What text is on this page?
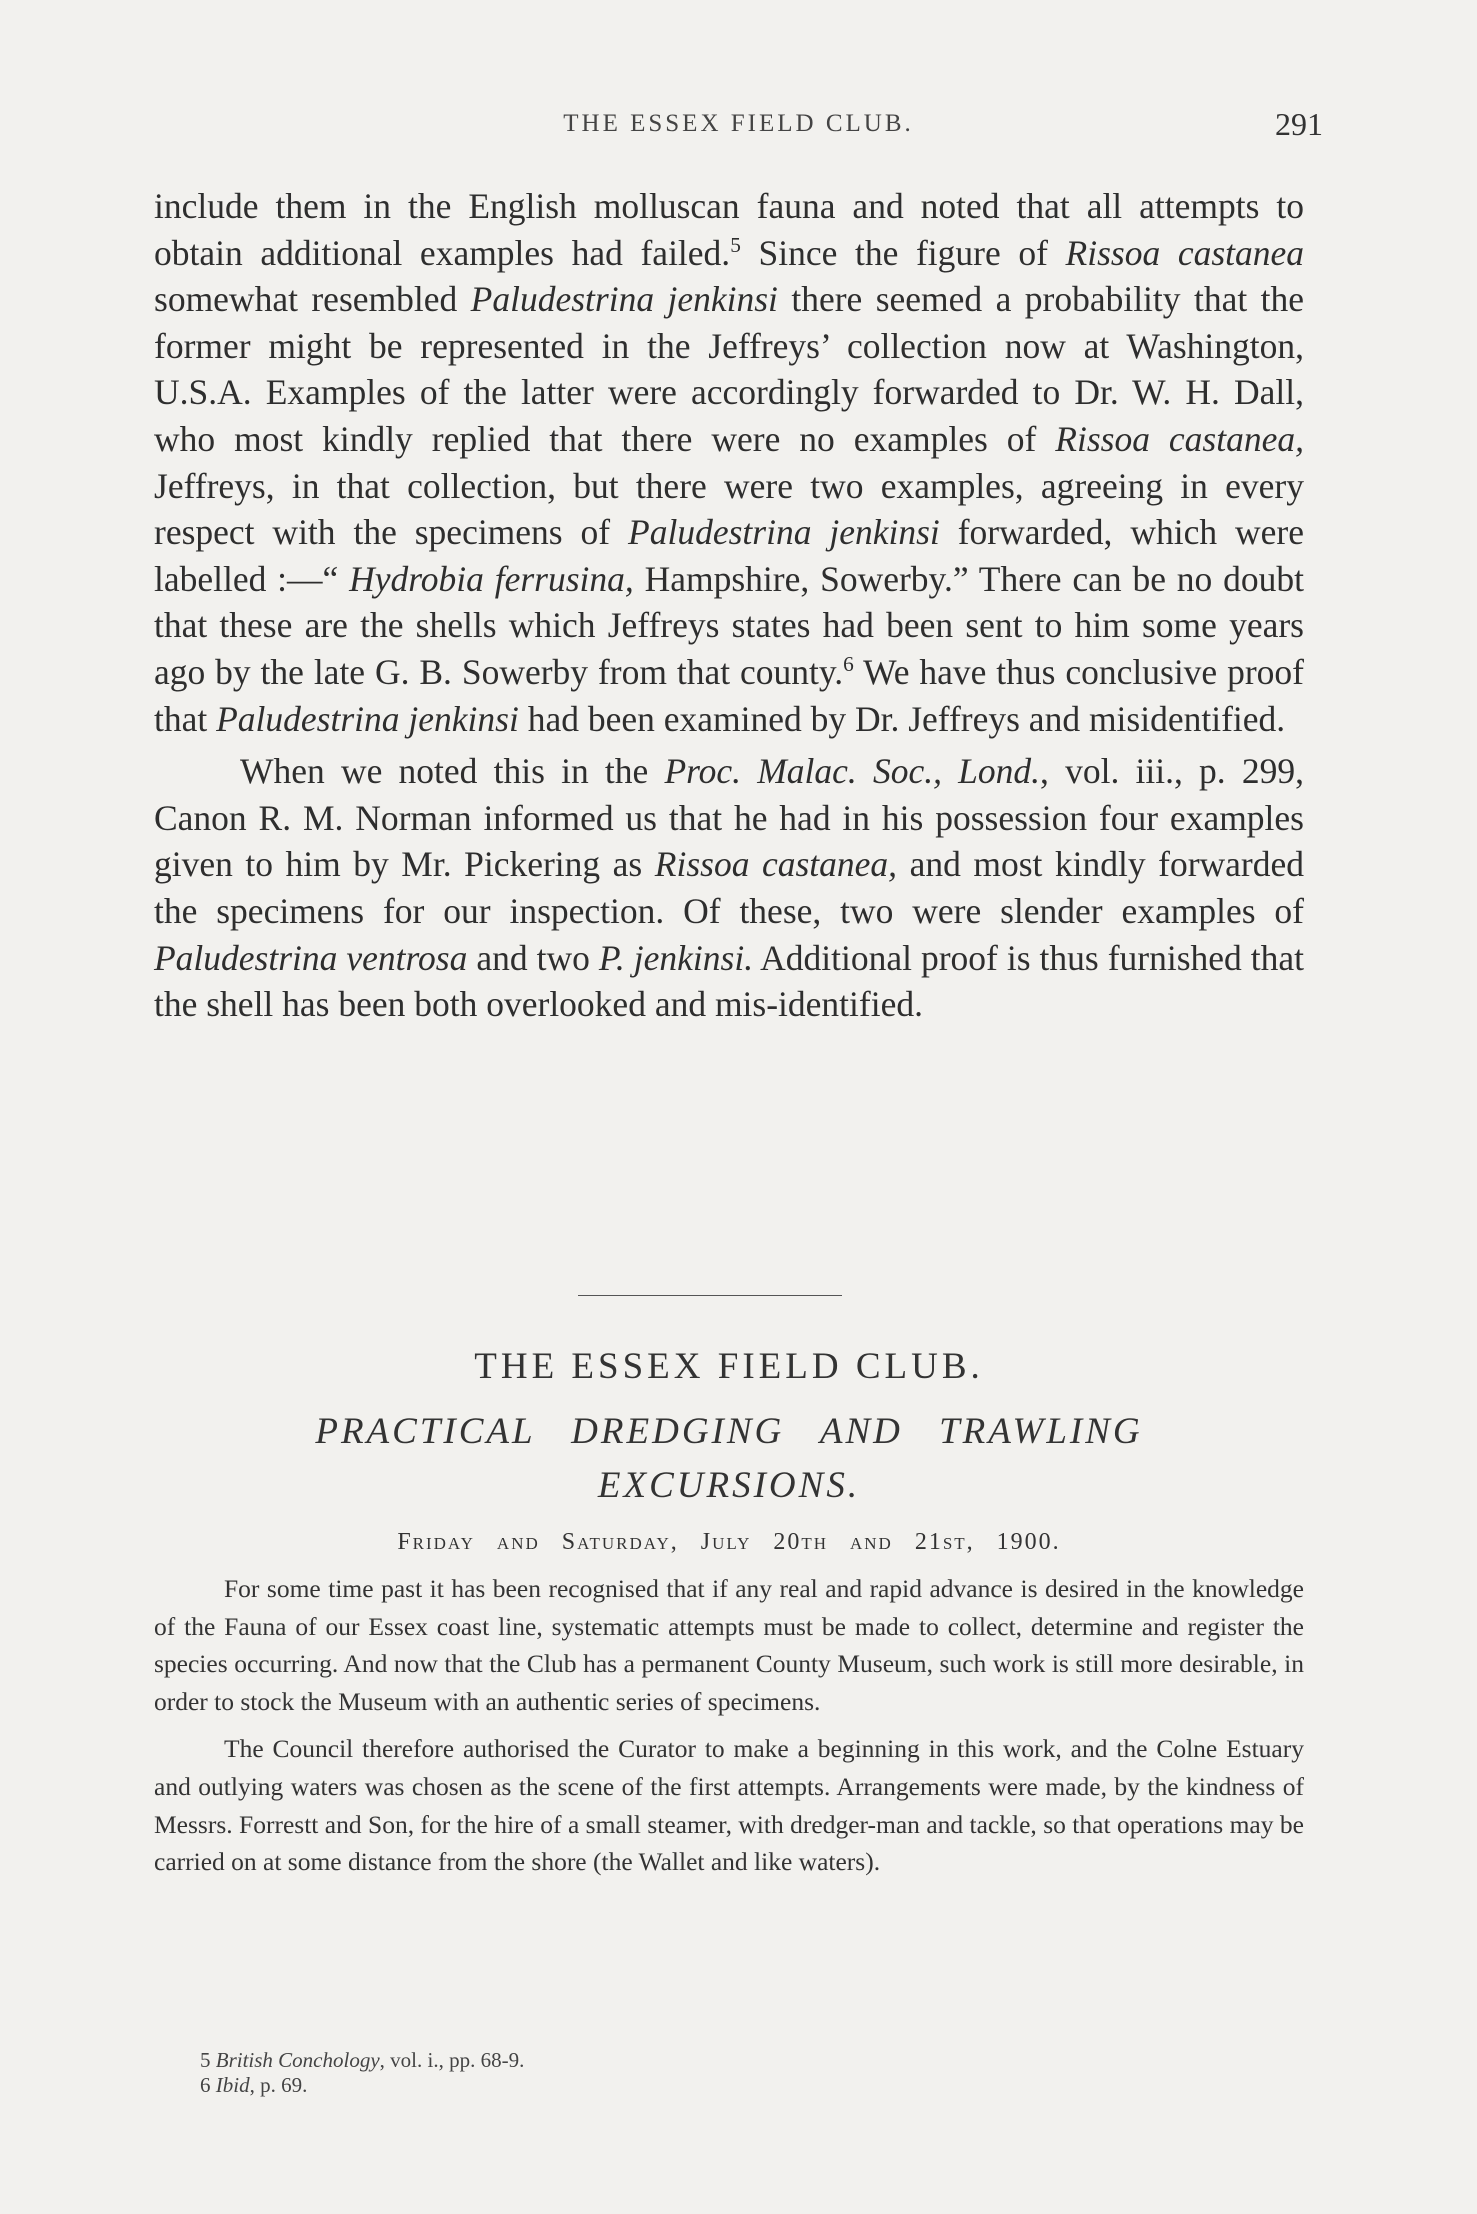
THE ESSEX FIELD CLUB.	291

include them in the English molluscan fauna and noted that all attempts to obtain additional examples had failed.$^5$ Since the figure of Rissoa castanea somewhat resembled Paludestrina jenkinsi there seemed a probability that the former might be represented in the Jeffreys’ collection now at Washington, U.S.A. Examples of the latter were accordingly forwarded to Dr. W. H. Dall, who most kindly replied that there were no examples of Rissoa castanea, Jeffreys, in that collection, but there were two examples, agreeing in every respect with the specimens of Paludestrina jenkinsi forwarded, which were labelled :—“ Hydrobia ferrusina, Hampshire, Sowerby.” There can be no doubt that these are the shells which Jeffreys states had been sent to him some years ago by the late G. B. Sowerby from that county.$^6$ We have thus conclusive proof that Paludestrina jenkinsi had been examined by Dr. Jeffreys and misidentified.

When we noted this in the Proc. Malac. Soc., Lond., vol. iii., p. 299, Canon R. M. Norman informed us that he had in his possession four examples given to him by Mr. Pickering as Rissoa castanea, and most kindly forwarded the specimens for our inspection. Of these, two were slender examples of Paludestrina ventrosa and two P. jenkinsi. Additional proof is thus furnished that the shell has been both overlooked and mis-identified.

THE ESSEX FIELD CLUB.
PRACTICAL DREDGING AND TRAWLING
EXCURSIONS.
Friday and Saturday, July 20th and 21st, 1900.

For some time past it has been recognised that if any real and rapid advance is desired in the knowledge of the Fauna of our Essex coast line, systematic attempts must be made to collect, determine and register the species occurring. And now that the Club has a permanent County Museum, such work is still more desirable, in order to stock the Museum with an authentic series of specimens.

The Council therefore authorised the Curator to make a beginning in this work, and the Colne Estuary and outlying waters was chosen as the scene of the first attempts. Arrangements were made, by the kindness of Messrs. Forrestt and Son, for the hire of a small steamer, with dredger-man and tackle, so that operations may be carried on at some distance from the shore (the Wallet and like waters).

5 British Conchology, vol. i., pp. 68-9.
6 Ibid, p. 69.
